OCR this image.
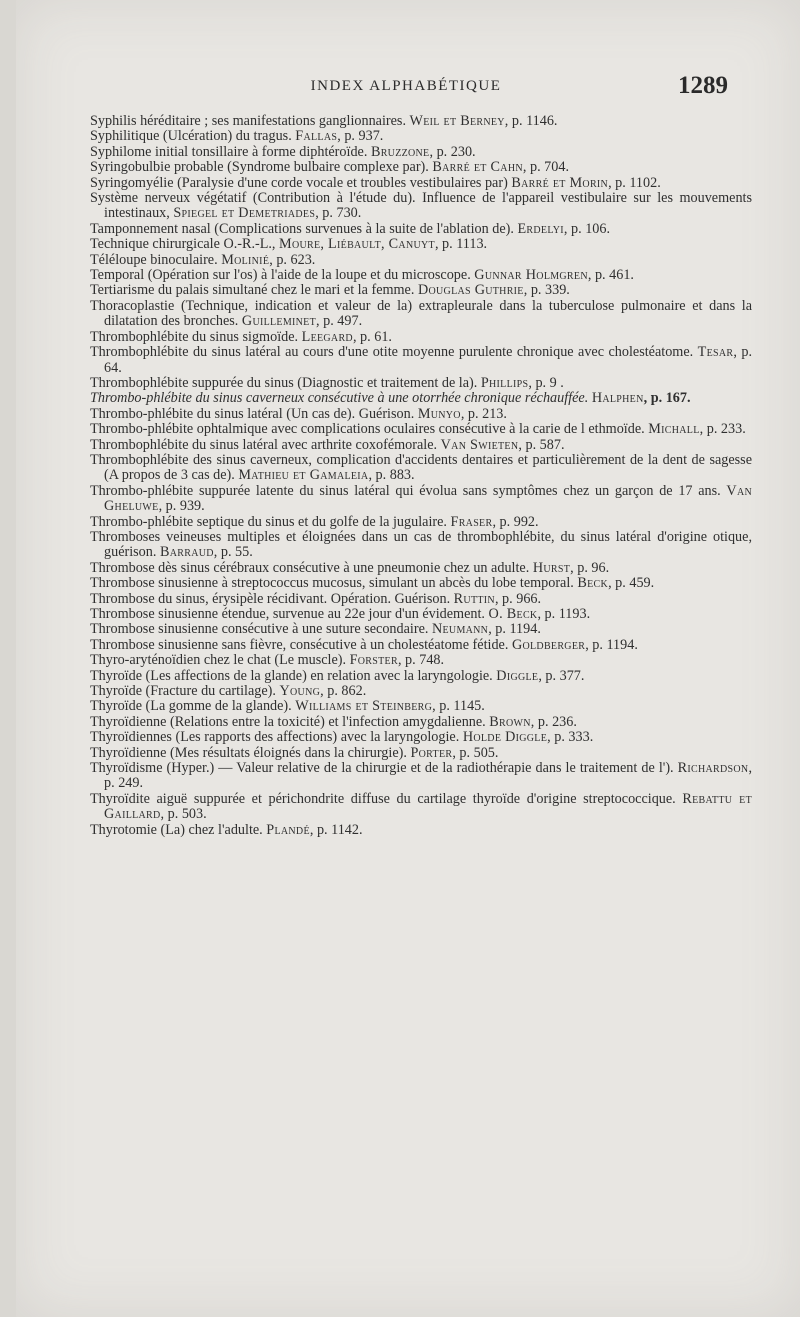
INDEX ALPHABÉTIQUE	1289
Syphilis héréditaire ; ses manifestations ganglionnaires. Weil et Berney, p. 1146.
Syphilitique (Ulcération) du tragus. Fallas, p. 937.
Syphilome initial tonsillaire à forme diphtéroïde. Bruzzone, p. 230.
Syringobulbie probable (Syndrome bulbaire complexe par). Barré et Cahn, p. 704.
Syringomyélie (Paralysie d'une corde vocale et troubles vestibulaires par) Barré et Morin, p. 1102.
Système nerveux végétatif (Contribution à l'étude du). Influence de l'appareil vestibulaire sur les mouvements intestinaux, Spiegel et Demetriades, p. 730.
Tamponnement nasal (Complications survenues à la suite de l'ablation de). Erdelyi, p. 106.
Technique chirurgicale O.-R.-L., Moure, Liébault, Canuyt, p. 1113.
Téléloupe binoculaire. Molinié, p. 623.
Temporal (Opération sur l'os) à l'aide de la loupe et du microscope. Gunnar Holmgren, p. 461.
Tertiarisme du palais simultané chez le mari et la femme. Douglas Guthrie, p. 339.
Thoracoplastie (Technique, indication et valeur de la) extrapleurale dans la tuberculose pulmonaire et dans la dilatation des bronches. Guilleminet, p. 497.
Thrombophlébite du sinus sigmoïde. Leegard, p. 61.
Thrombophlébite du sinus latéral au cours d'une otite moyenne purulente chronique avec cholestéatome. Tesar, p. 64.
Thrombophlébite suppurée du sinus (Diagnostic et traitement de la). Phillips, p. 9 .
Thrombo-phlébite du sinus caverneux consécutive à une otorrhée chronique réchauffée. Halphen, p. 167.
Thrombo-phlébite du sinus latéral (Un cas de). Guérison. Munyo, p. 213.
Thrombo-phlébite ophtalmique avec complications oculaires consécutive à la carie de l ethmoïde. Michall, p. 233.
Thrombophlébite du sinus latéral avec arthrite coxofémorale. Van Swieten, p. 587.
Thrombophlébite des sinus caverneux, complication d'accidents dentaires et particulièrement de la dent de sagesse (A propos de 3 cas de). Mathieu et Gamaleia, p. 883.
Thrombo-phlébite suppurée latente du sinus latéral qui évolua sans symptômes chez un garçon de 17 ans. Van Gheluwe, p. 939.
Thrombo-phlébite septique du sinus et du golfe de la jugulaire. Fraser, p. 992.
Thromboses veineuses multiples et éloignées dans un cas de thrombophlébite, du sinus latéral d'origine otique, guérison. Barraud, p. 55.
Thrombose dès sinus cérébraux consécutive à une pneumonie chez un adulte. Hurst, p. 96.
Thrombose sinusienne à streptococcus mucosus, simulant un abcès du lobe temporal. Beck, p. 459.
Thrombose du sinus, érysipèle récidivant. Opération. Guérison. Ruttin, p. 966.
Thrombose sinusienne étendue, survenue au 22e jour d'un évidement. O. Beck, p. 1193.
Thrombose sinusienne consécutive à une suture secondaire. Neumann, p. 1194.
Thrombose sinusienne sans fièvre, consécutive à un cholestéatome fétide. Goldberger, p. 1194.
Thyro-aryténoïdien chez le chat (Le muscle). Forster, p. 748.
Thyroïde (Les affections de la glande) en relation avec la laryngologie. Diggle, p. 377.
Thyroïde (Fracture du cartilage). Young, p. 862.
Thyroïde (La gomme de la glande). Williams et Steinberg, p. 1145.
Thyroïdienne (Relations entre la toxicité) et l'infection amygdalienne. Brown, p. 236.
Thyroïdiennes (Les rapports des affections) avec la laryngologie. Holde Diggle, p. 333.
Thyroïdienne (Mes résultats éloignés dans la chirurgie). Porter, p. 505.
Thyroïdisme (Hyper.) — Valeur relative de la chirurgie et de la radiothérapie dans le traitement de l'). Richardson, p. 249.
Thyroïdite aiguë suppurée et périchondrite diffuse du cartilage thyroïde d'origine streptococcique. Rebattu et Gaillard, p. 503.
Thyrotomie (La) chez l'adulte. Plandé, p. 1142.
